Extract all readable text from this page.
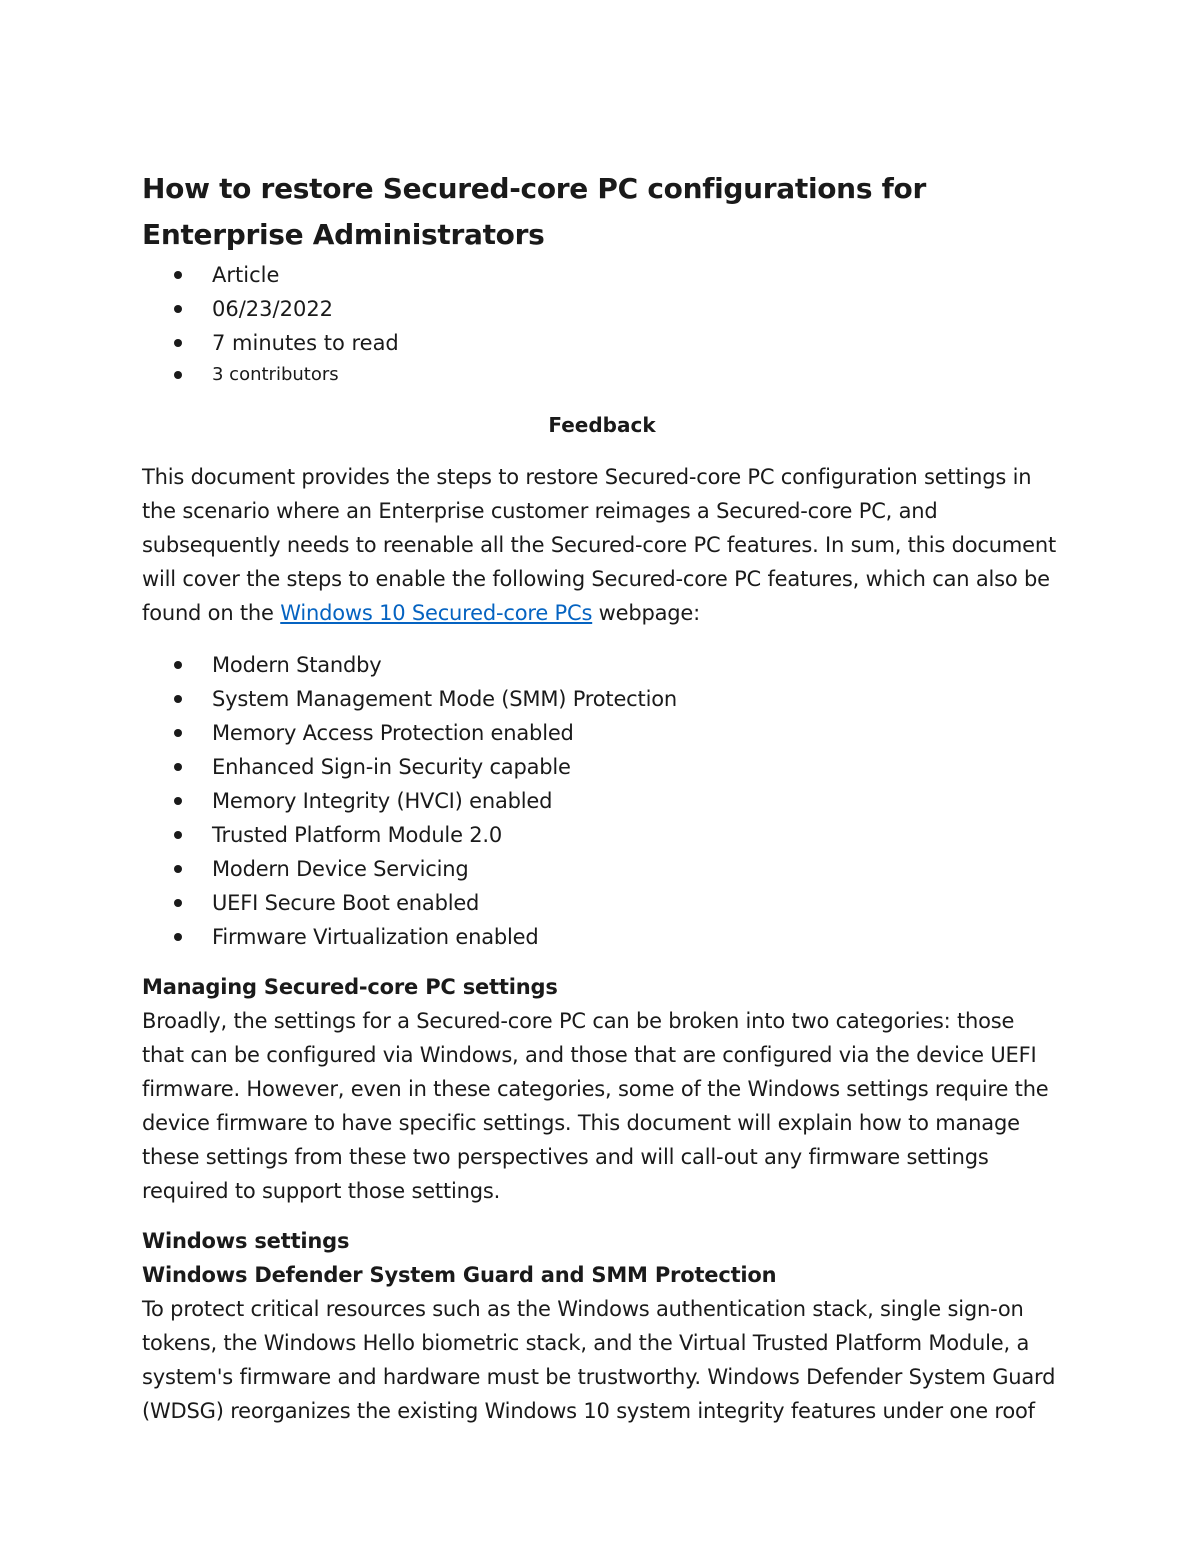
How to restore Secured-core PC configurations for Enterprise Administrators
Article
06/23/2022
7 minutes to read
3 contributors
Feedback

This document provides the steps to restore Secured-core PC configuration settings in the scenario where an Enterprise customer reimages a Secured-core PC, and subsequently needs to reenable all the Secured-core PC features. In sum, this document will cover the steps to enable the following Secured-core PC features, which can also be found on the Windows 10 Secured-core PCs webpage:

Modern Standby
System Management Mode (SMM) Protection
Memory Access Protection enabled
Enhanced Sign-in Security capable
Memory Integrity (HVCI) enabled
Trusted Platform Module 2.0
Modern Device Servicing
UEFI Secure Boot enabled
Firmware Virtualization enabled
Managing Secured-core PC settings

Broadly, the settings for a Secured-core PC can be broken into two categories: those that can be configured via Windows, and those that are configured via the device UEFI firmware. However, even in these categories, some of the Windows settings require the device firmware to have specific settings. This document will explain how to manage these settings from these two perspectives and will call-out any firmware settings required to support those settings.

Windows settings
Windows Defender System Guard and SMM Protection

To protect critical resources such as the Windows authentication stack, single sign-on tokens, the Windows Hello biometric stack, and the Virtual Trusted Platform Module, a system's firmware and hardware must be trustworthy. Windows Defender System Guard (WDSG) reorganizes the existing Windows 10 system integrity features under one roof
